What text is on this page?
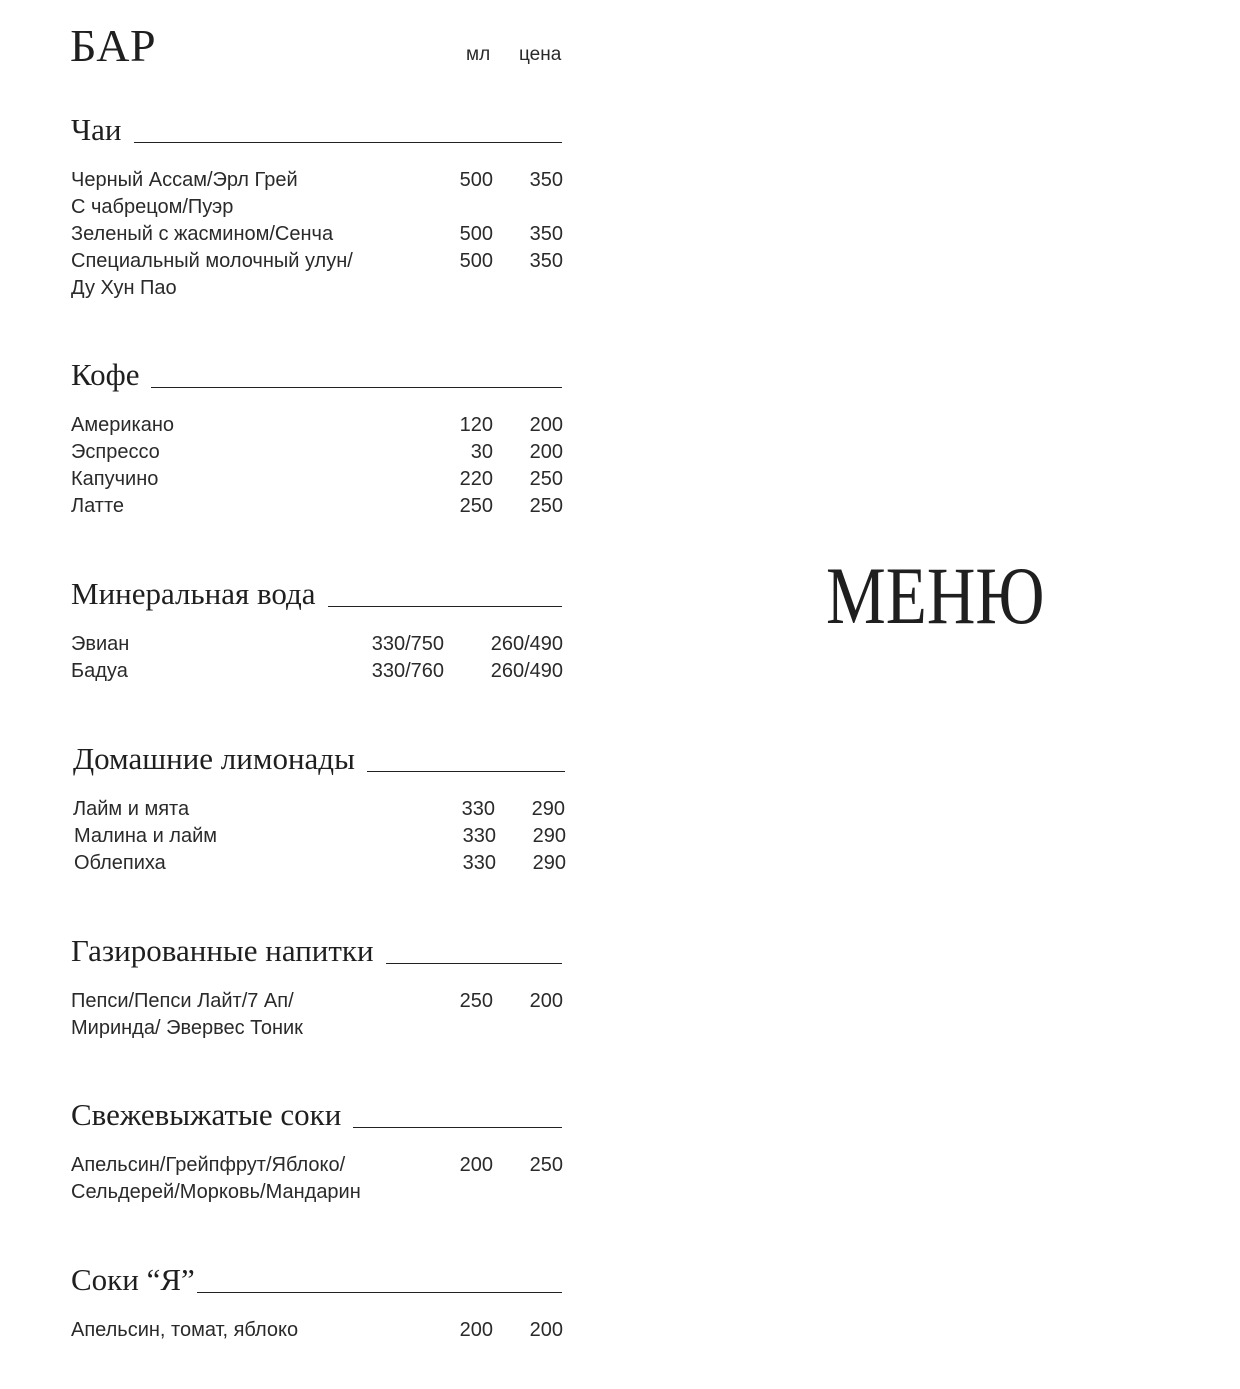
БАР	мл цена
Чаи
Черный Ассам/Эрл Грей
С чабрецом/Пуэр
500 350
Зеленый с жасмином/Сенча	500 350
Специальный молочный улун/
Ду Хун Пао
500 350
Кофе
Американо	120 200
Эспрессо	30 200
Капучино	220 250
Латте	250 250
Минеральная вода
Эвиан	330/750 260/490
Бадуа	330/760 260/490
Домашние лимонады
Лайм и мята	330 290
Малина и лайм	330 290
Облепиха	330 290
Газированные напитки
Пепси/Пепси Лайт/7 Ап/
Миринда/ Эвервес Тоник
250 200
Свежевыжатые соки
Апельсин/Грейпфрут/Яблоко/
Сельдерей/Морковь/Мандарин
200 250
Соки “Я”
Апельсин, томат, яблоко	200 200
МЕНЮ
